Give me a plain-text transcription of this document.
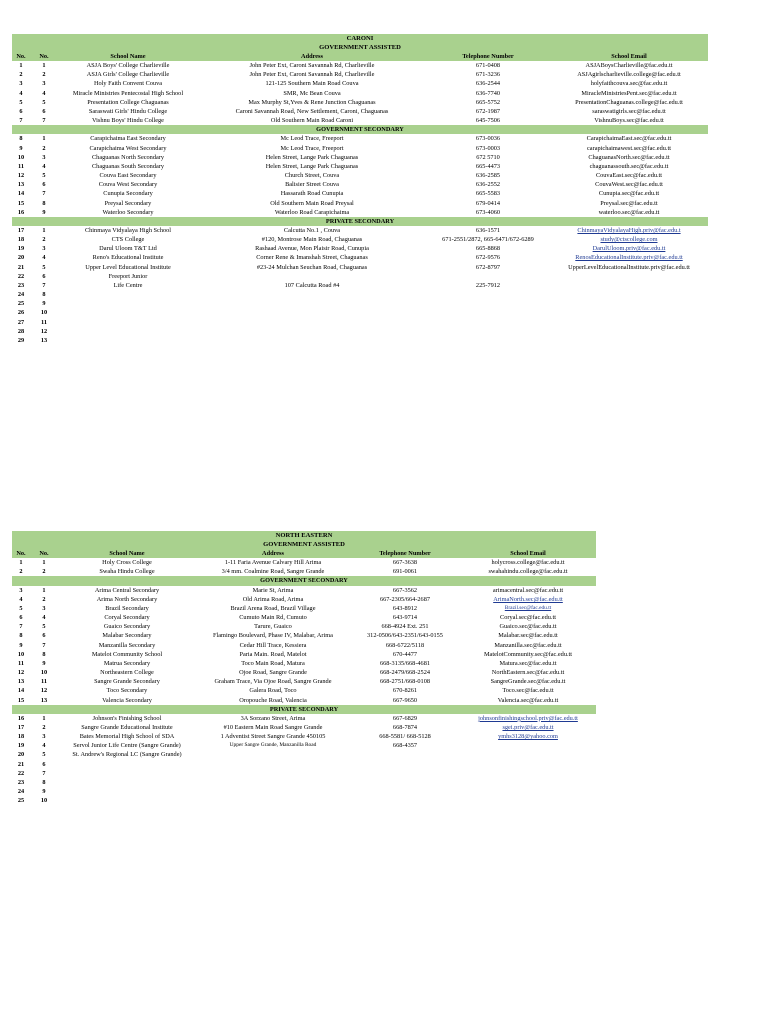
CARONI
GOVERNMENT ASSISTED
No.	No.	School Name	Address	Telephone Number	School Email
1	1	ASJA Boys' College Charlieville	John Peter Ext, Caroni Savannah Rd, Charlieville	671-0408	ASJABoysCharlieville@fac.edu.tt
2	2	ASJA Girls' College Charlieville	John Peter Ext, Caroni Savannah Rd, Charlieville	671-3236	ASJAgirlscharlieville.college@fac.edu.tt
3	3	Holy Faith Convent Couva	121-125 Southern Main Road Couva	636-2544	holyfaithcouva.sec@fac.edu.tt
4	4	Miracle Ministries Pentecostal High School	SMR, Mc Bean Couva	636-7740	MiracleMinistriesPent.sec@fac.edu.tt
5	5	Presentation College Chaguanas	Max Murphy St,Yves & Rene Junction Chaguanas	665-5752	PresentationChaguanas.college@fac.edu.tt
6	6	Saraswati Girls' Hindu College	Caroni Savannah Road, New Settlement, Caroni, Chaguanas	672-1987	saraswatigirls.sec@fac.edu.tt
7	7	Vishnu Boys' Hindu College	Old Southern Main Road Caroni	645-7506	VishnuBoys.sec@fac.edu.tt
GOVERNMENT SECONDARY					
8	1	Carapichaima East Secondary	Mc Leod Trace, Freeport	673-0036	CarapichaimaEast.sec@fac.edu.tt
9	2	Carapichaima West Secondary	Mc Leod Trace, Freeport	673-0003	carapichaimawest.sec@fac.edu.tt
10	3	Chaguanas North Secondary	Helen Street, Lange Park Chaguanas	672 5710	ChaguanasNorth.sec@fac.edu.tt
11	4	Chaguanas South Secondary	Helen Street, Lange Park Chaguanas	665-4473	chaguanassouth.sec@fac.edu.tt
12	5	Couva East Secondary	Church Street, Couva	636-2585	CouvaEast.sec@fac.edu.tt
13	6	Couva West Secondary	Balisier Street Couva	636-2552	CouvaWest.sec@fac.edu.tt
14	7	Cunupia Secondary	Hassarath Road Cunupia	665-5583	Cunupia.sec@fac.edu.tt
15	8	Preysal Secondary	Old Southern Main Road Preysal	679-0414	Preysal.sec@fac.edu.tt
16	9	Waterloo Secondary	Waterloo Road Carapichaima	673-4060	waterloo.sec@fac.edu.tt
PRIVATE SECONDARY					
17	1	Chinmaya Vidyalaya High School	Calcutta No.1 , Couva	636-1571	ChinmayaVidyalayaHigh.priv@fac.edu.t
18	2	CTS College	#120, Montrose Main Road, Chaguanas	671-2551/2872, 665-6471/672-6289	study@ctscollege.com
19	3	Darul Uloom T&T Ltd	Rashaad Avenue, Mon Plaisir Road, Cunupia	665-8868	DarulUloom.priv@fac.edu.tt
20	4	Reno's Educational Institute	Corner Rene & Imanshah Street, Chaguanas	672-9576	RenosEducationalInstitute.priv@fac.edu.tt
21	5	Upper Level Educational Institute	#23-24 Mulchan Seuchan Road, Chaguanas	672-8797	UpperLevelEducationalInstitute.priv@fac.edu.tt
22	6	Freeport Junior			
23	7	Life Centre	107 Calcutta Road #4	225-7912	
24	8				
25	9				
26	10				
27	11				
28	12				
29	13				
NORTH EASTERN
GOVERNMENT ASSISTED
No.	No.	School Name	Address	Telephone Number	School Email
1	1	Holy Cross College	1-11 Faria Avenue Calvary Hill Arima	667-3638	holycross.college@fac.edu.tt
2	2	Swaha Hindu College	3/4 mm. Coalmine Road, Sangre Grande	691-0061	swahahindu.college@fac.edu.tt
GOVERNMENT SECONDARY					
3	1	Arima Central Secondary	Marie St, Arima	667-3562	arimacentral.sec@fac.edu.tt
4	2	Arima North Secondary	Old Arima Road, Arima	667-2305/664-2687	ArimaNorth.sec@fac.edu.tt
5	3	Brazil Secondary	Brazil Arena Road, Brazil Village	643-8912	Brazil.sec@fac.edu.tt
6	4	Coryal Secondary	Cumuto Main Rd, Cumuto	643-9714	Coryal.sec@fac.edu.tt
7	5	Guaico Secondary	Tarure, Guaico	668-4924 Ext. 251	Guaico.sec@fac.edu.tt
8	6	Malabar Secondary	Flamingo Boulevard, Phase IV, Malabar, Arima	312-0506/643-2351/643-0155	Malabar.sec@fac.edu.tt
9	7	Manzanilla Secondary	Cedar Hill Trace, Kessiera	668-6722/5118	Manzanilla.sec@fac.edu.tt
10	8	Matelot Community School	Paria Main. Road, Matelot	670-4477	MatelotCommunity.sec@fac.edu.tt
11	9	Matrua Secondary	Toco Main Road, Matura	668-3135/668-4681	Matura.sec@fac.edu.tt
12	10	Northeastern College	Ojoe Road, Sangre Grande	668-2479/668-2524	NorthEastern.sec@fac.edu.tt
13	11	Sangre Grande Secondary	Graham Trace, Via Ojoe Road, Sangre Grande	668-2751/668-0108	SangreGrande.sec@fac.edu.tt
14	12	Toco Secondary	Galera Road, Toco	670-8261	Toco.sec@fac.edu.tt
15	13	Valencia Secondary	Oropouche Road, Valencia	667-9650	Valencia.sec@fac.edu.tt
PRIVATE SECONDARY					
16	1	Johnson's Finishing School	3A Sorzano Street, Arima	667-6829	johnsonfinishingschool.priv@fac.edu.tt
17	2	Sangre Grande Educational Institute	#10 Eastern Main Road Sangre Grande	668-7874	sgei.priv@fac.edu.tt
18	3	Bates Memorial High School of SDA	1 Adventist Street Sangre Grande 450105	668-5581/ 668-5128	ymhs3128@yahoo.com
19	4	Servol Junior Life Centre (Sangre Grande)	Upper Sangre Grande, Manzanilla Road	668-4357	
20	5	St. Andrew's Regional LC (Sangre Grande)			
21	6				
22	7				
23	8				
24	9				
25	10				
